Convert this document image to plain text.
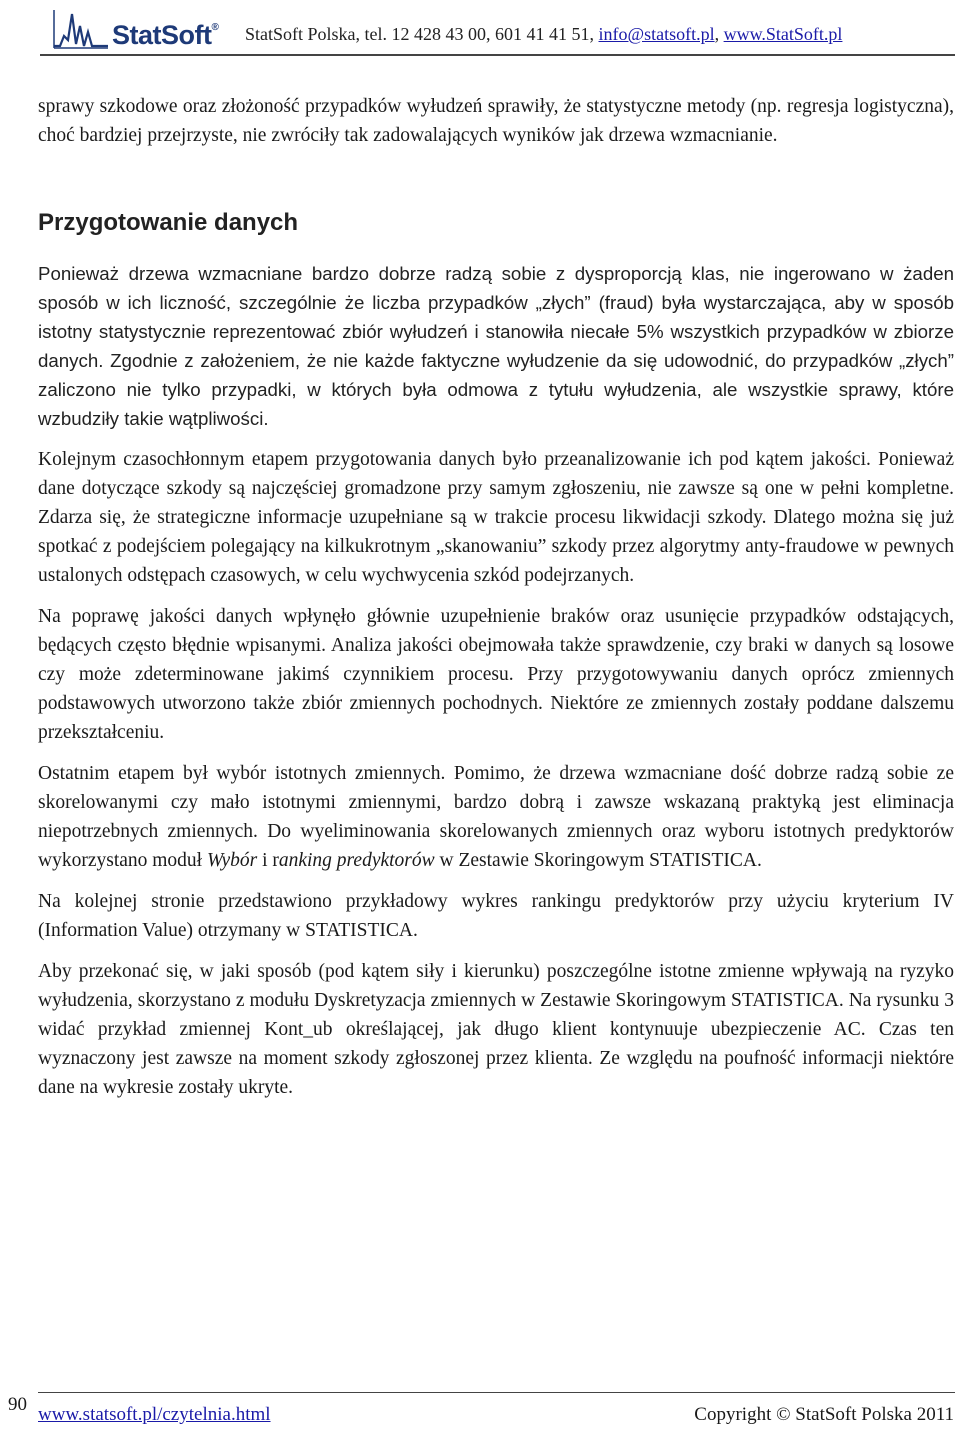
StatSoft® StatSoft Polska, tel. 12 428 43 00, 601 41 41 51, info@statsoft.pl, www.StatSoft.pl

sprawy szkodowe oraz złożoność przypadków wyłudzeń sprawiły, że statystyczne metody (np. regresja logistyczna), choć bardziej przejrzyste, nie zwróciły tak zadowalających wyników jak drzewa wzmacnianie.

Przygotowanie danych

Ponieważ drzewa wzmacniane bardzo dobrze radzą sobie z dysproporcją klas, nie ingerowano w żaden sposób w ich liczność, szczególnie że liczba przypadków „złych” (fraud) była wystarczająca, aby w sposób istotny statystycznie reprezentować zbiór wyłudzeń i stanowiła niecałe 5% wszystkich przypadków w zbiorze danych. Zgodnie z założeniem, że nie każde faktyczne wyłudzenie da się udowodnić, do przypadków „złych” zaliczono nie tylko przypadki, w których była odmowa z tytułu wyłudzenia, ale wszystkie sprawy, które wzbudziły takie wątpliwości.

Kolejnym czasochłonnym etapem przygotowania danych było przeanalizowanie ich pod kątem jakości. Ponieważ dane dotyczące szkody są najczęściej gromadzone przy samym zgłoszeniu, nie zawsze są one w pełni kompletne. Zdarza się, że strategiczne informacje uzupełniane są w trakcie procesu likwidacji szkody. Dlatego można się już spotkać z podejściem polegający na kilkukrotnym „skanowaniu” szkody przez algorytmy anty-fraudowe w pewnych ustalonych odstępach czasowych, w celu wychwycenia szkód podejrzanych.

Na poprawę jakości danych wpłynęło głównie uzupełnienie braków oraz usunięcie przypadków odstających, będących często błędnie wpisanymi. Analiza jakości obejmowała także sprawdzenie, czy braki w danych są losowe czy może zdeterminowane jakimś czynnikiem procesu. Przy przygotowywaniu danych oprócz zmiennych podstawowych utworzono także zbiór zmiennych pochodnych. Niektóre ze zmiennych zostały poddane dalszemu przekształceniu.

Ostatnim etapem był wybór istotnych zmiennych. Pomimo, że drzewa wzmacniane dość dobrze radzą sobie ze skorelowanymi czy mało istotnymi zmiennymi, bardzo dobrą i zawsze wskazaną praktyką jest eliminacja niepotrzebnych zmiennych. Do wyeliminowania skorelowanych zmiennych oraz wyboru istotnych predyktorów wykorzystano moduł Wybór i ranking predyktorów w Zestawie Skoringowym STATISTICA.

Na kolejnej stronie przedstawiono przykładowy wykres rankingu predyktorów przy użyciu kryterium IV (Information Value) otrzymany w STATISTICA.

Aby przekonać się, w jaki sposób (pod kątem siły i kierunku) poszczególne istotne zmienne wpływają na ryzyko wyłudzenia, skorzystano z modułu Dyskretyzacja zmiennych w Zestawie Skoringowym STATISTICA. Na rysunku 3 widać przykład zmiennej Kont_ub określającej, jak długo klient kontynuuje ubezpieczenie AC. Czas ten wyznaczony jest zawsze na moment szkody zgłoszonej przez klienta. Ze względu na poufność informacji niektóre dane na wykresie zostały ukryte.

90 www.statsoft.pl/czytelnia.html	Copyright © StatSoft Polska 2011
